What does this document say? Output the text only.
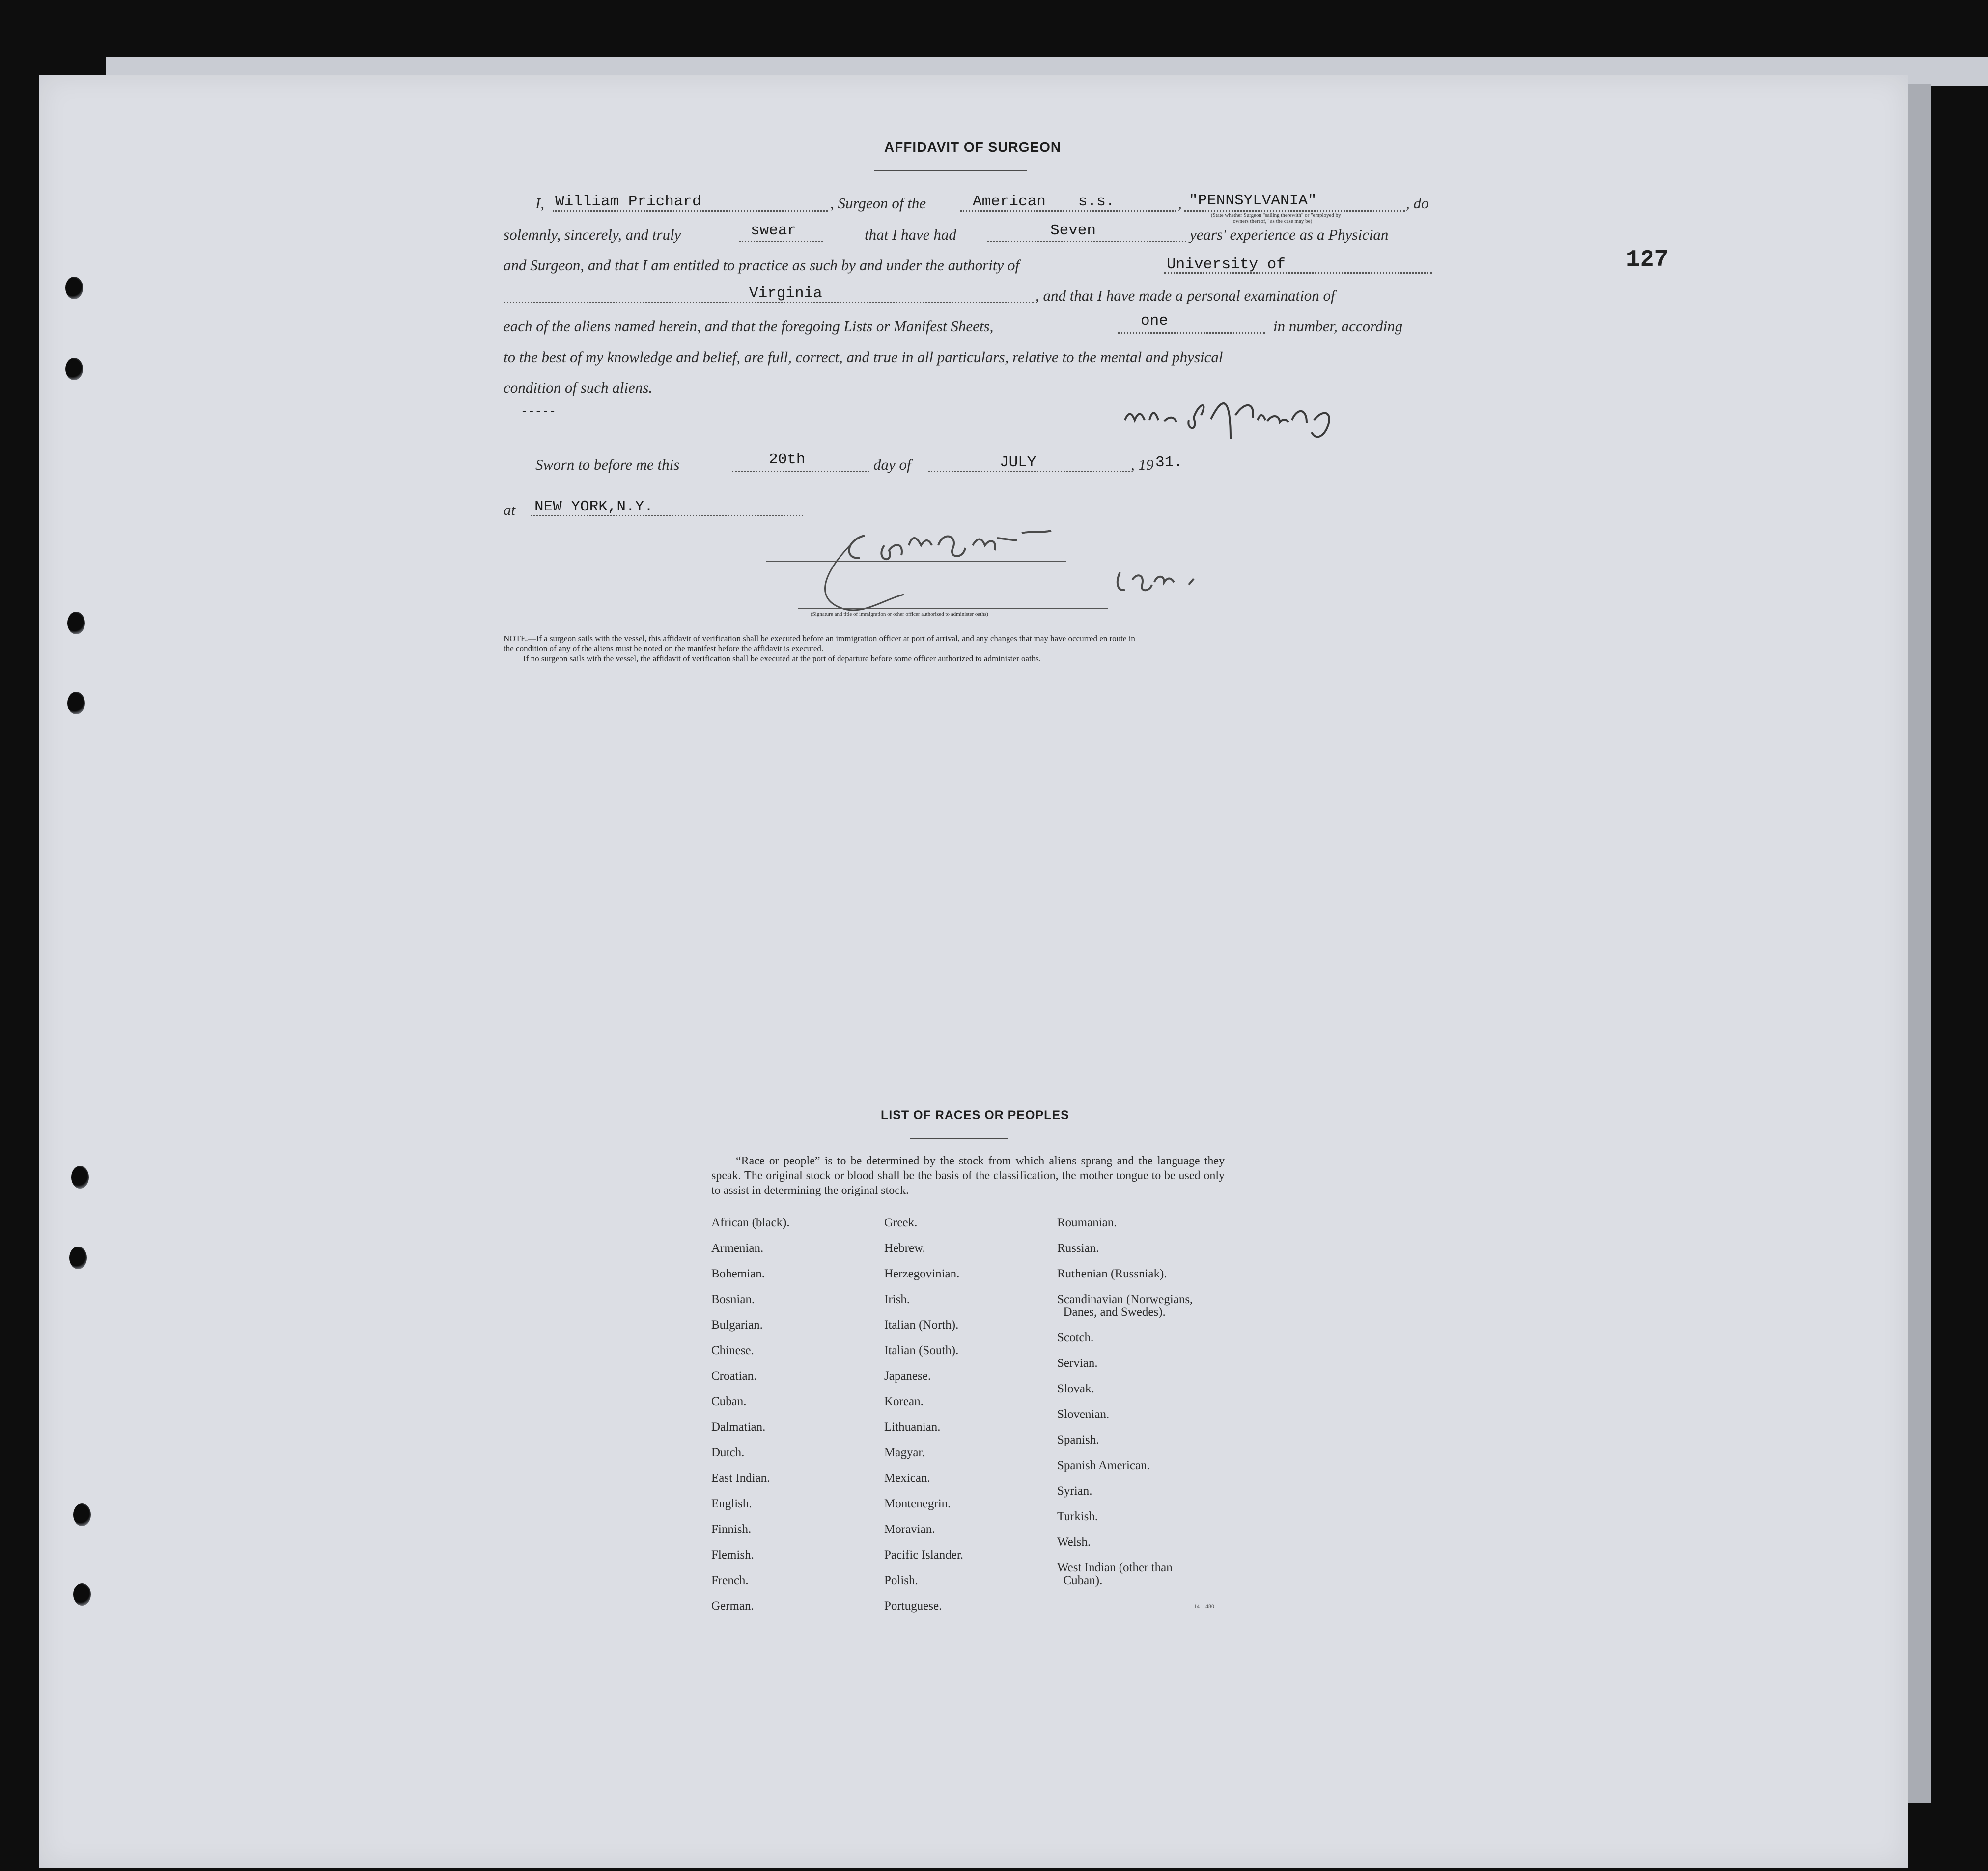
127
AFFIDAVIT OF SURGEON
I, William Prichard	, Surgeon of the	American s.s.	, "PENNSYLVANIA"	, do
(State whether Surgeon "sailing therewith" or "employed by
owners thereof," as the case may be)
solemnly, sincerely, and truly	swear	that I have had	Seven	years' experience as a Physician
and Surgeon, and that I am entitled to practice as such by and under the authority of	University of
Virginia	, and that I have made a personal examination of
each of the aliens named herein, and that the foregoing Lists or Manifest Sheets,	one	in number, according
to the best of my knowledge and belief, are full, correct, and true in all particulars, relative to the mental and physical
condition of such aliens.
-----
Sworn to before me this	20th	day of	JULY	, 19 31.
at NEW YORK,N.Y.
(Signature and title of immigration or other officer authorized to administer oaths)
NOTE.—If a surgeon sails with the vessel, this affidavit of verification shall be executed before an immigration officer at port of arrival, and any changes that may have occurred en route in
the condition of any of the aliens must be noted on the manifest before the affidavit is executed.
If no surgeon sails with the vessel, the affidavit of verification shall be executed at the port of departure before some officer authorized to administer oaths.
LIST OF RACES OR PEOPLES
“Race or people” is to be determined by the stock from which aliens sprang and the language they speak. The original stock or blood shall be the basis of the classification, the mother tongue to be used only to assist in determining the original stock.
African (black).
Armenian.
Bohemian.
Bosnian.
Bulgarian.
Chinese.
Croatian.
Cuban.
Dalmatian.
Dutch.
East Indian.
English.
Finnish.
Flemish.
French.
German.
Greek.
Hebrew.
Herzegovinian.
Irish.
Italian (North).
Italian (South).
Japanese.
Korean.
Lithuanian.
Magyar.
Mexican.
Montenegrin.
Moravian.
Pacific Islander.
Polish.
Portuguese.
Roumanian.
Russian.
Ruthenian (Russniak).
Scandinavian (Norwegians,
Danes, and Swedes).
Scotch.
Servian.
Slovak.
Slovenian.
Spanish.
Spanish American.
Syrian.
Turkish.
Welsh.
West Indian (other than
Cuban).
14—480
